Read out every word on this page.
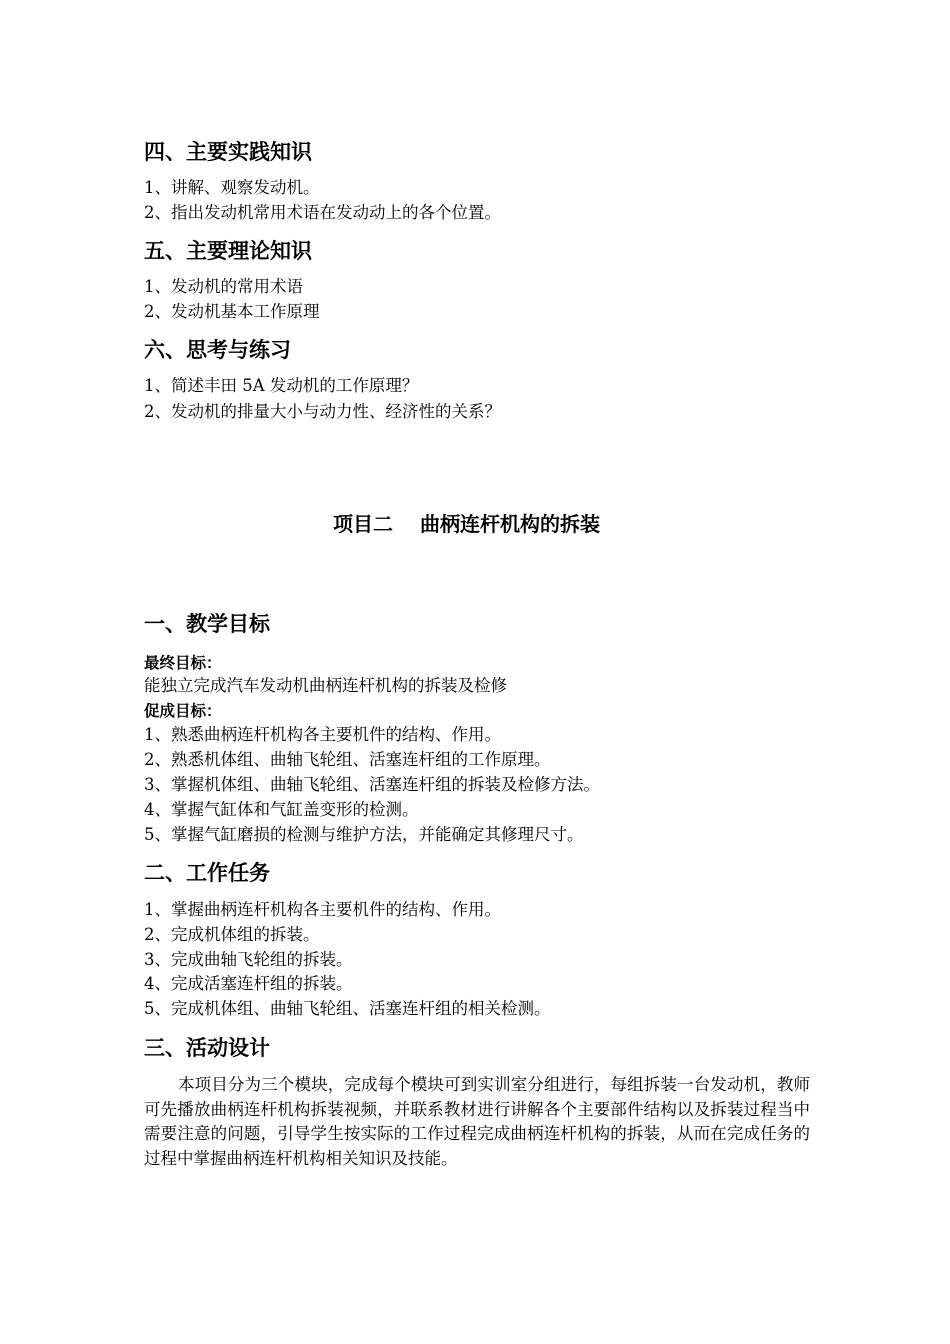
四、主要实践知识
1、讲解、观察发动机。
2、指出发动机常用术语在发动动上的各个位置。
五、主要理论知识
1、发动机的常用术语
2、发动机基本工作原理
六、思考与练习
1、简述丰田 5A 发动机的工作原理？
2、发动机的排量大小与动力性、经济性的关系？
项目二　 曲柄连杆机构的拆装
一、教学目标
最终目标：
能独立完成汽车发动机曲柄连杆机构的拆装及检修
促成目标：
1、熟悉曲柄连杆机构各主要机件的结构、作用。
2、熟悉机体组、曲轴飞轮组、活塞连杆组的工作原理。
3、掌握机体组、曲轴飞轮组、活塞连杆组的拆装及检修方法。
4、掌握气缸体和气缸盖变形的检测。
5、掌握气缸磨损的检测与维护方法，并能确定其修理尺寸。
二、工作任务
1、掌握曲柄连杆机构各主要机件的结构、作用。
2、完成机体组的拆装。
3、完成曲轴飞轮组的拆装。
4、完成活塞连杆组的拆装。
5、完成机体组、曲轴飞轮组、活塞连杆组的相关检测。
三、活动设计
本项目分为三个模块，完成每个模块可到实训室分组进行，每组拆装一台发动机，教师可先播放曲柄连杆机构拆装视频，并联系教材进行讲解各个主要部件结构以及拆装过程当中需要注意的问题，引导学生按实际的工作过程完成曲柄连杆机构的拆装，从而在完成任务的过程中掌握曲柄连杆机构相关知识及技能。
